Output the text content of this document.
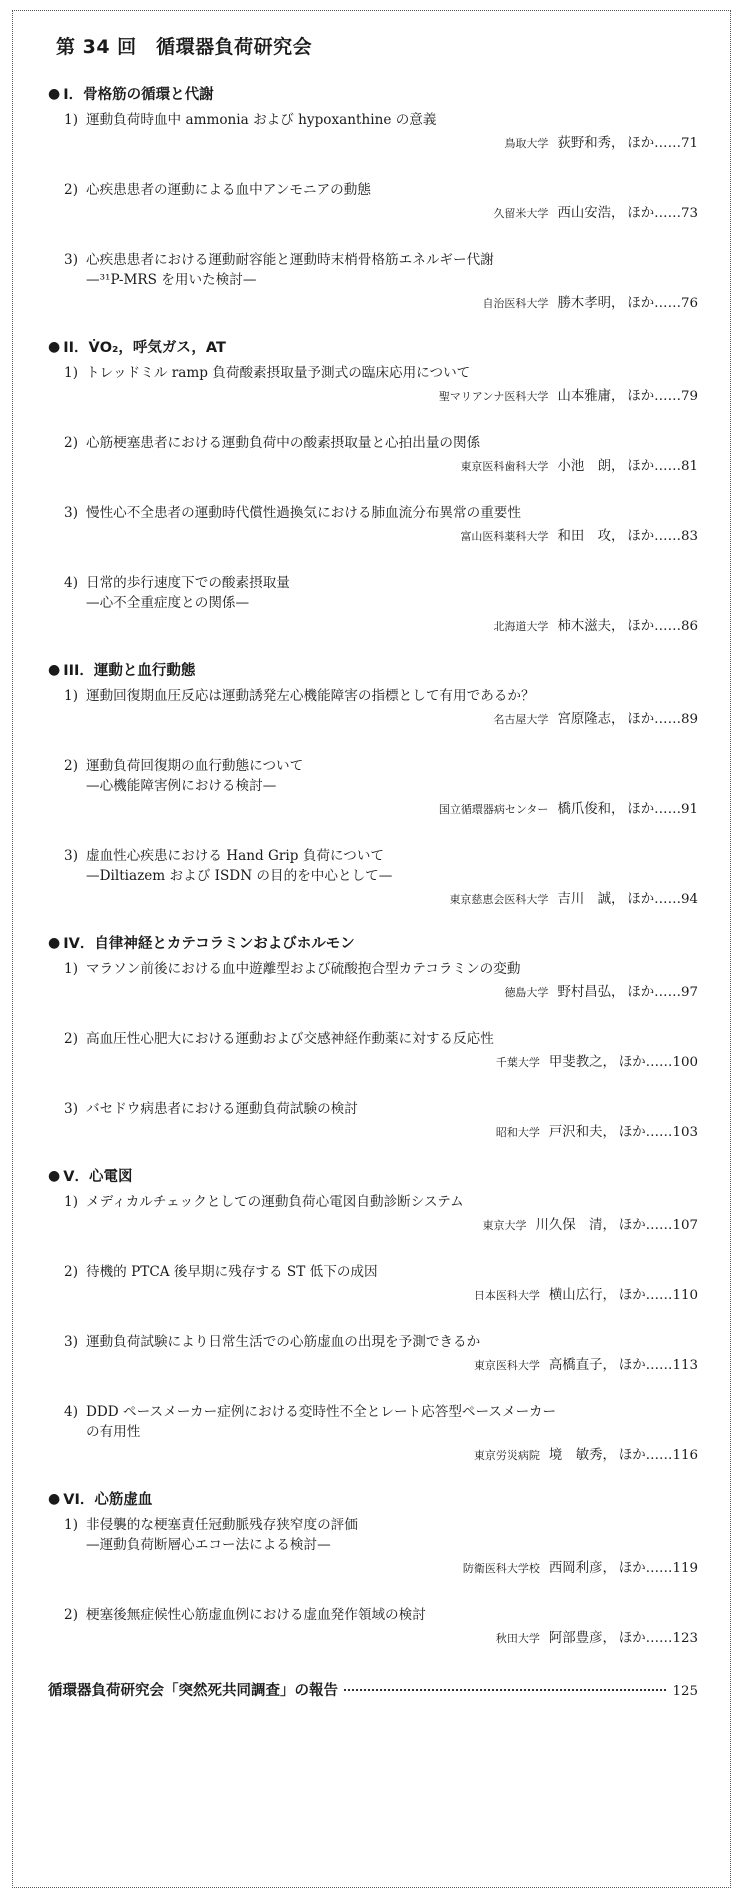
第 34 回　循環器負荷研究会
● I．骨格筋の循環と代謝
1) 運動負荷時血中 ammonia および hypoxanthine の意義
鳥取大学 荻野和秀， ほか……71
2) 心疾患患者の運動による血中アンモニアの動態
久留米大学 西山安浩， ほか……73
3) 心疾患患者における運動耐容能と運動時末梢骨格筋エネルギー代謝
—³¹P-MRS を用いた検討—
自治医科大学 勝木孝明， ほか……76
● II．V̇O₂，呼気ガス，AT
1) トレッドミル ramp 負荷酸素摂取量予測式の臨床応用について
聖マリアンナ医科大学 山本雅庸， ほか……79
2) 心筋梗塞患者における運動負荷中の酸素摂取量と心拍出量の関係
東京医科歯科大学 小池　朗， ほか……81
3) 慢性心不全患者の運動時代償性過換気における肺血流分布異常の重要性
富山医科薬科大学 和田　攻， ほか……83
4) 日常的歩行速度下での酸素摂取量
—心不全重症度との関係—
北海道大学 柿木滋夫， ほか……86
● III．運動と血行動態
1) 運動回復期血圧反応は運動誘発左心機能障害の指標として有用であるか？
名古屋大学 宮原隆志， ほか……89
2) 運動負荷回復期の血行動態について
—心機能障害例における検討—
国立循環器病センター 橋爪俊和， ほか……91
3) 虚血性心疾患における Hand Grip 負荷について
—Diltiazem および ISDN の目的を中心として—
東京慈恵会医科大学 吉川　誠， ほか……94
● IV．自律神経とカテコラミンおよびホルモン
1) マラソン前後における血中遊離型および硫酸抱合型カテコラミンの変動
徳島大学 野村昌弘， ほか……97
2) 高血圧性心肥大における運動および交感神経作動薬に対する反応性
千葉大学 甲斐教之， ほか……100
3) バセドウ病患者における運動負荷試験の検討
昭和大学 戸沢和夫， ほか……103
● V．心電図
1) メディカルチェックとしての運動負荷心電図自動診断システム
東京大学 川久保　清， ほか……107
2) 待機的 PTCA 後早期に残存する ST 低下の成因
日本医科大学 横山広行， ほか……110
3) 運動負荷試験により日常生活での心筋虚血の出現を予測できるか
東京医科大学 高橋直子， ほか……113
4) DDD ペースメーカー症例における変時性不全とレート応答型ペースメーカー
の有用性
東京労災病院 境　敏秀， ほか……116
● VI．心筋虚血
1) 非侵襲的な梗塞責任冠動脈残存狭窄度の評価
—運動負荷断層心エコー法による検討—
防衛医科大学校 西岡利彦， ほか……119
2) 梗塞後無症候性心筋虚血例における虚血発作領域の検討
秋田大学 阿部豊彦， ほか……123
循環器負荷研究会「突然死共同調査」の報告	125
